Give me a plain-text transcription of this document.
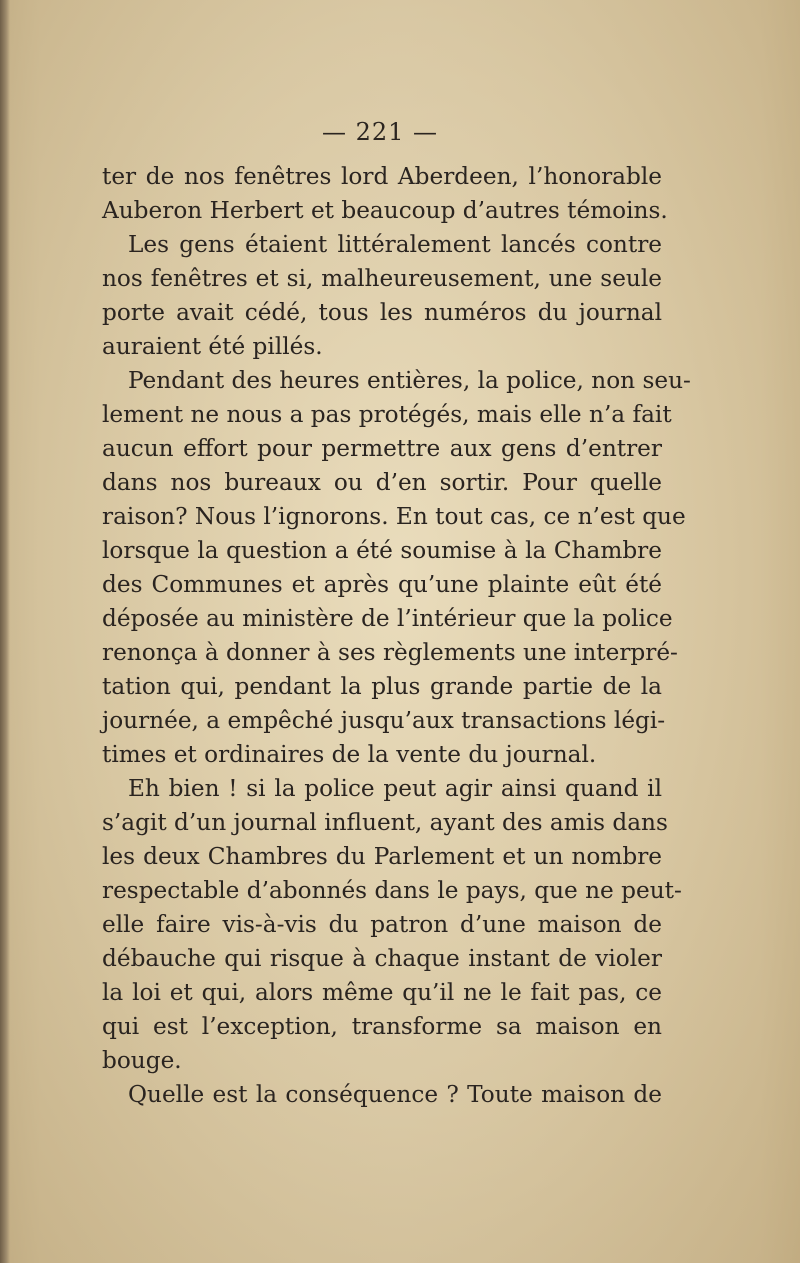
— 221 —
ter de nos fenêtres lord Aberdeen, l’honorable
Auberon Herbert et beaucoup d’autres témoins.
Les gens étaient littéralement lancés contre
nos fenêtres et si, malheureusement, une seule
porte avait cédé, tous les numéros du journal
auraient été pillés.
Pendant des heures entières, la police, non seu-
lement ne nous a pas protégés, mais elle n’a fait
aucun effort pour permettre aux gens d’entrer
dans nos bureaux ou d’en sortir. Pour quelle
raison? Nous l’ignorons. En tout cas, ce n’est que
lorsque la question a été soumise à la Chambre
des Communes et après qu’une plainte eût été
déposée au ministère de l’intérieur que la police
renonça à donner à ses règlements une interpré-
tation qui, pendant la plus grande partie de la
journée, a empêché jusqu’aux transactions légi-
times et ordinaires de la vente du journal.
Eh bien ! si la police peut agir ainsi quand il
s’agit d’un journal influent, ayant des amis dans
les deux Chambres du Parlement et un nombre
respectable d’abonnés dans le pays, que ne peut-
elle faire vis-à-vis du patron d’une maison de
débauche qui risque à chaque instant de violer
la loi et qui, alors même qu’il ne le fait pas, ce
qui est l’exception, transforme sa maison en
bouge.
Quelle est la conséquence ? Toute maison de
